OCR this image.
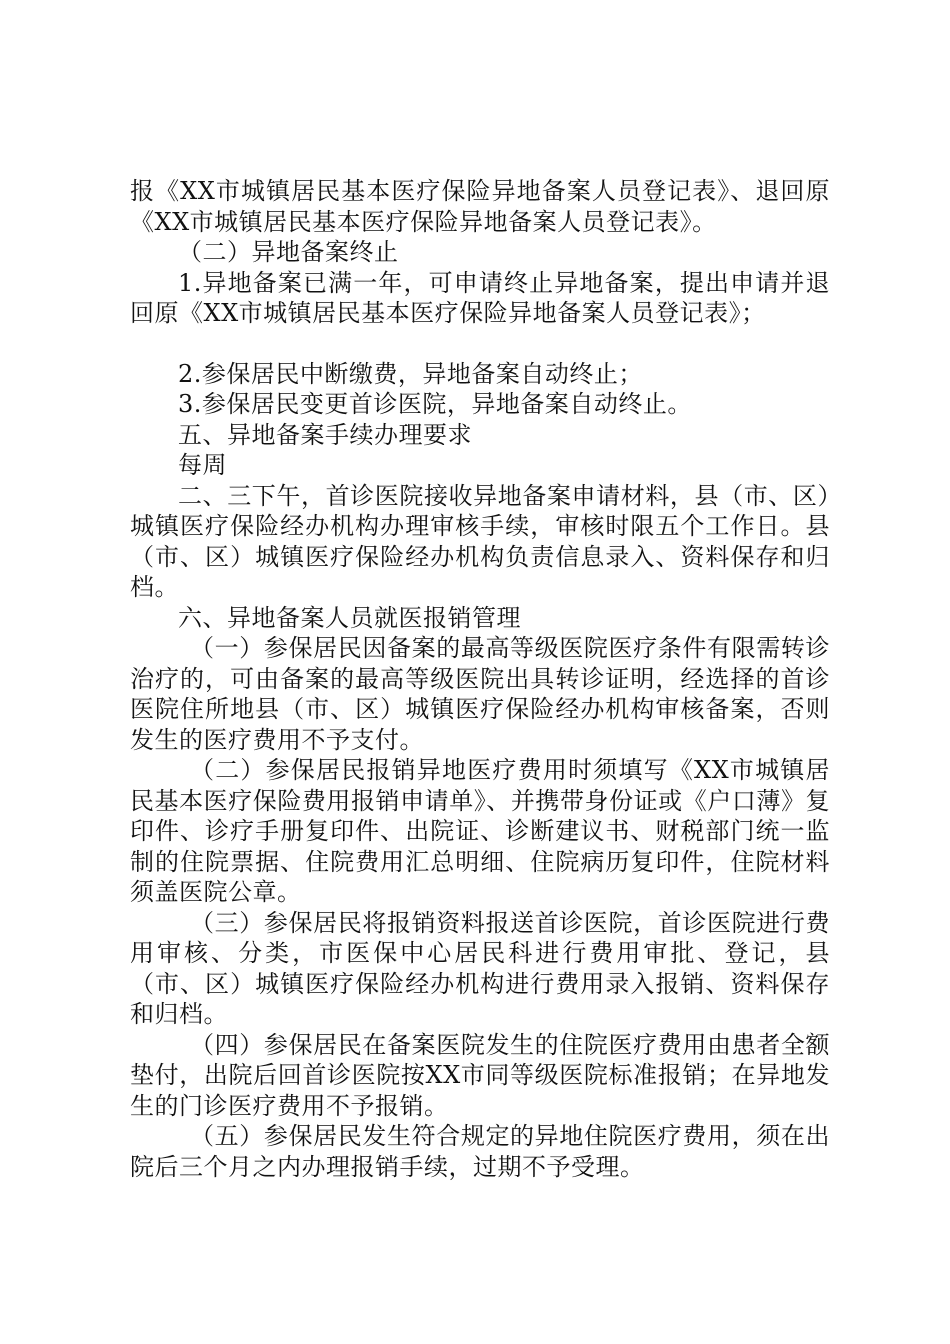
报《XX市城镇居民基本医疗保险异地备案人员登记表》、退回原《XX市城镇居民基本医疗保险异地备案人员登记表》。

（二）异地备案终止

1.异地备案已满一年，可申请终止异地备案，提出申请并退回原《XX市城镇居民基本医疗保险异地备案人员登记表》；

2.参保居民中断缴费，异地备案自动终止；

3.参保居民变更首诊医院，异地备案自动终止。

五、异地备案手续办理要求

每周

二、三下午，首诊医院接收异地备案申请材料，县（市、区）城镇医疗保险经办机构办理审核手续，审核时限五个工作日。县（市、区）城镇医疗保险经办机构负责信息录入、资料保存和归档。

六、异地备案人员就医报销管理

（一）参保居民因备案的最高等级医院医疗条件有限需转诊治疗的，可由备案的最高等级医院出具转诊证明，经选择的首诊医院住所地县（市、区）城镇医疗保险经办机构审核备案，否则发生的医疗费用不予支付。

（二）参保居民报销异地医疗费用时须填写《XX市城镇居民基本医疗保险费用报销申请单》、并携带身份证或《户口薄》复印件、诊疗手册复印件、出院证、诊断建议书、财税部门统一监制的住院票据、住院费用汇总明细、住院病历复印件，住院材料须盖医院公章。

（三）参保居民将报销资料报送首诊医院，首诊医院进行费用审核、分类，市医保中心居民科进行费用审批、登记，县（市、区）城镇医疗保险经办机构进行费用录入报销、资料保存和归档。

（四）参保居民在备案医院发生的住院医疗费用由患者全额垫付，出院后回首诊医院按XX市同等级医院标准报销；在异地发生的门诊医疗费用不予报销。

（五）参保居民发生符合规定的异地住院医疗费用，须在出院后三个月之内办理报销手续，过期不予受理。
